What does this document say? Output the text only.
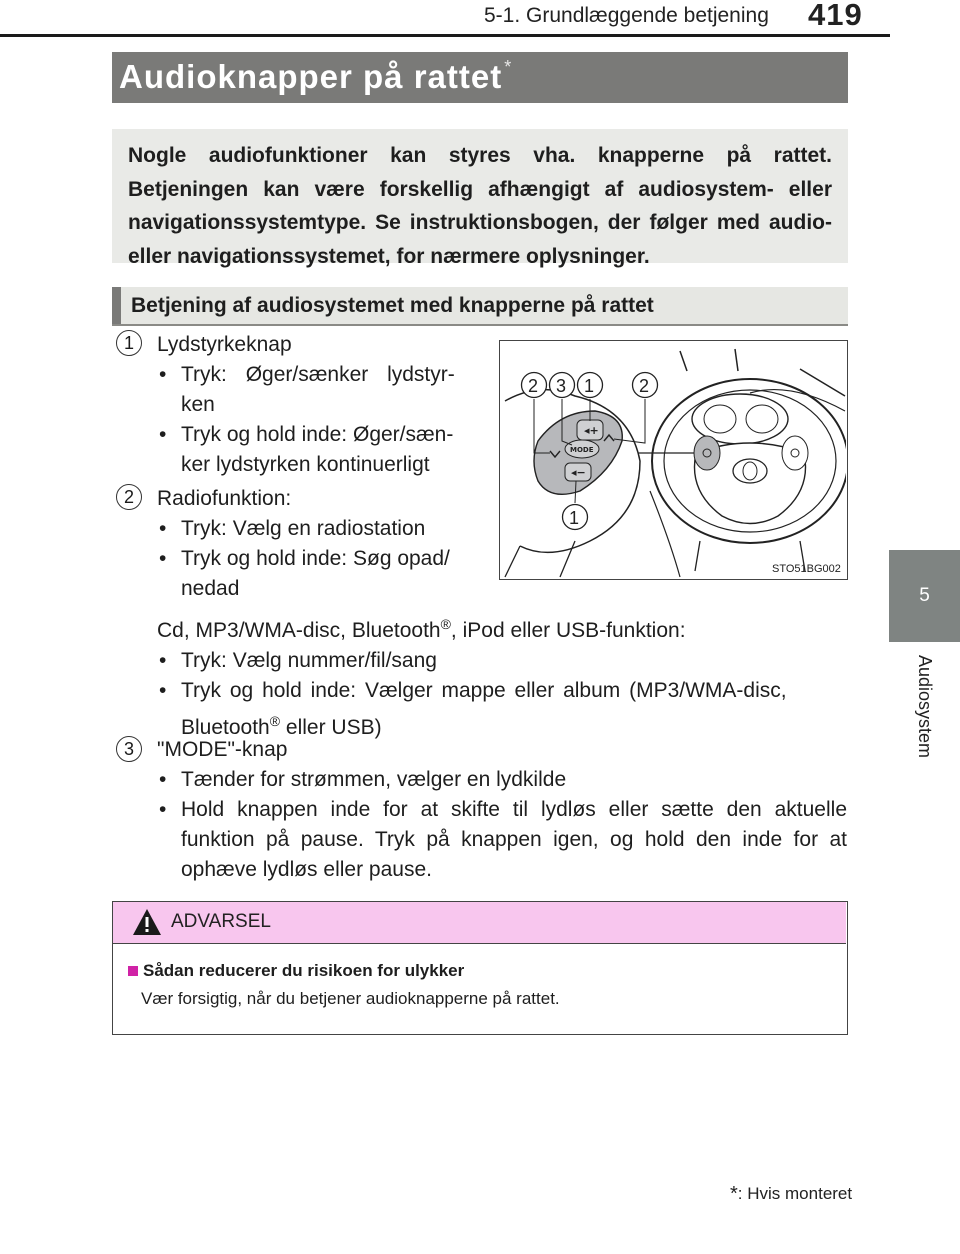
5-1. Grundlæggende betjening 419
5
Audiosystem
Audioknapper på rattet *
Nogle audiofunktioner kan styres vha. knapperne på rattet. Betjeningen kan være forskellig afhængigt af audiosystem- eller navigationssystemtype. Se instruktionsbogen, der følger med audio- eller navigationssystemet, for nærmere oplysninger.
Betjening af audiosystemet med knapperne på rattet
1	Lydstyrkeknap
• Tryk: Øger/sænker lydstyr-
ken
• Tryk og hold inde: Øger/sæn-
ker lydstyrken kontinuerligt
2	Radiofunktion:
• Tryk: Vælg en radiostation
• Tryk og hold inde: Søg opad/
nedad
Cd, MP3/WMA-disc, Bluetooth®, iPod eller USB-funktion:
• Tryk: Vælg nummer/fil/sang
• Tryk og hold inde: Vælger mappe eller album (MP3/WMA-disc,
Bluetooth® eller USB)
3	"MODE"-knap
• Tænder for strømmen, vælger en lydkilde
• Hold knappen inde for at skifte til lydløs eller sætte den aktuelle funktion på pause. Tryk på knappen igen, og hold den inde for at ophæve lydløs eller pause.
◂+
◂−
MODE
2 3 1 2
1
STO51BG002
ADVARSEL
Sådan reducerer du risikoen for ulykker
Vær forsigtig, når du betjener audioknapperne på rattet.
*: Hvis monteret
